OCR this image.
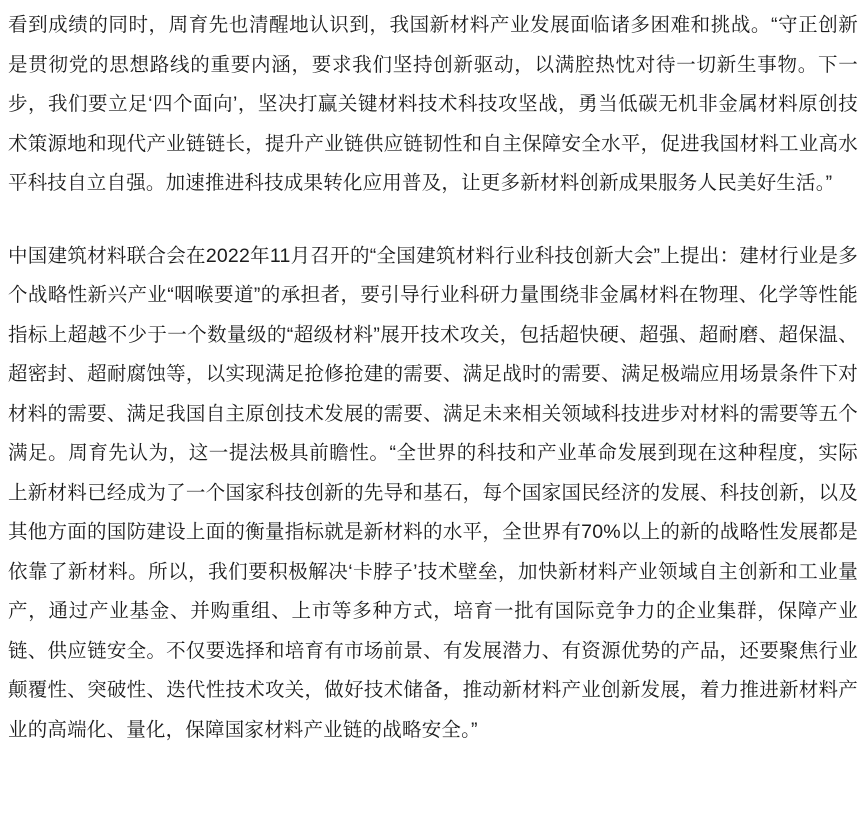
看到成绩的同时，周育先也清醒地认识到，我国新材料产业发展面临诸多困难和挑战。“守正创新是贯彻党的思想路线的重要内涵，要求我们坚持创新驱动，以满腔热忱对待一切新生事物。下一步，我们要立足‘四个面向’，坚决打赢关键材料技术科技攻坚战，勇当低碳无机非金属材料原创技术策源地和现代产业链链长，提升产业链供应链韧性和自主保障安全水平，促进我国材料工业高水平科技自立自强。加速推进科技成果转化应用普及，让更多新材料创新成果服务人民美好生活。”

中国建筑材料联合会在2022年11月召开的“全国建筑材料行业科技创新大会”上提出：建材行业是多个战略性新兴产业“咽喉要道”的承担者，要引导行业科研力量围绕非金属材料在物理、化学等性能指标上超越不少于一个数量级的“超级材料”展开技术攻关，包括超快硬、超强、超耐磨、超保温、超密封、超耐腐蚀等，以实现满足抢修抢建的需要、满足战时的需要、满足极端应用场景条件下对材料的需要、满足我国自主原创技术发展的需要、满足未来相关领域科技进步对材料的需要等五个满足。周育先认为，这一提法极具前瞻性。“全世界的科技和产业革命发展到现在这种程度，实际上新材料已经成为了一个国家科技创新的先导和基石，每个国家国民经济的发展、科技创新，以及其他方面的国防建设上面的衡量指标就是新材料的水平，全世界有70%以上的新的战略性发展都是依靠了新材料。所以，我们要积极解决‘卡脖子’技术壁垒，加快新材料产业领域自主创新和工业量产，通过产业基金、并购重组、上市等多种方式，培育一批有国际竞争力的企业集群，保障产业链、供应链安全。不仅要选择和培育有市场前景、有发展潜力、有资源优势的产品，还要聚焦行业颠覆性、突破性、迭代性技术攻关，做好技术储备，推动新材料产业创新发展，着力推进新材料产业的高端化、量化，保障国家材料产业链的战略安全。”
